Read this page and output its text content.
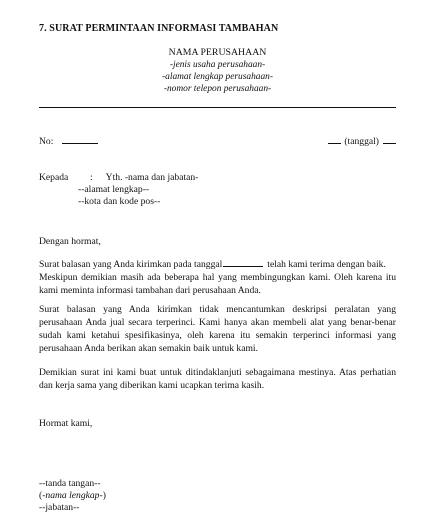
7. SURAT PERMINTAAN INFORMASI TAMBAHAN
NAMA PERUSAHAAN
-jenis usaha perusahaan-
-alamat lengkap perusahaan-
-nomor telepon perusahaan-
No:	(tanggal)
Kepada	: Yth. -nama dan jabatan-
--alamat lengkap--
--kota dan kode pos--
Dengan hormat,
Surat balasan yang Anda kirimkan pada tanggal	telah kami terima dengan baik.
Meskipun demikian masih ada beberapa hal yang membingungkan kami. Oleh karena itu
kami meminta informasi tambahan dari perusahaan Anda.
Surat balasan yang Anda kirimkan tidak mencantumkan deskripsi peralatan yang
perusahaan Anda jual secara terperinci. Kami hanya akan membeli alat yang benar-benar
sudah kami ketahui spesifikasinya, oleh karena itu semakin terperinci informasi yang
perusahaan Anda berikan akan semakin baik untuk kami.
Demikian surat ini kami buat untuk ditindaklanjuti sebagaimana mestinya. Atas perhatian
dan kerja sama yang diberikan kami ucapkan terima kasih.
Hormat kami,
--tanda tangan--
(-nama lengkap-)
--jabatan--
